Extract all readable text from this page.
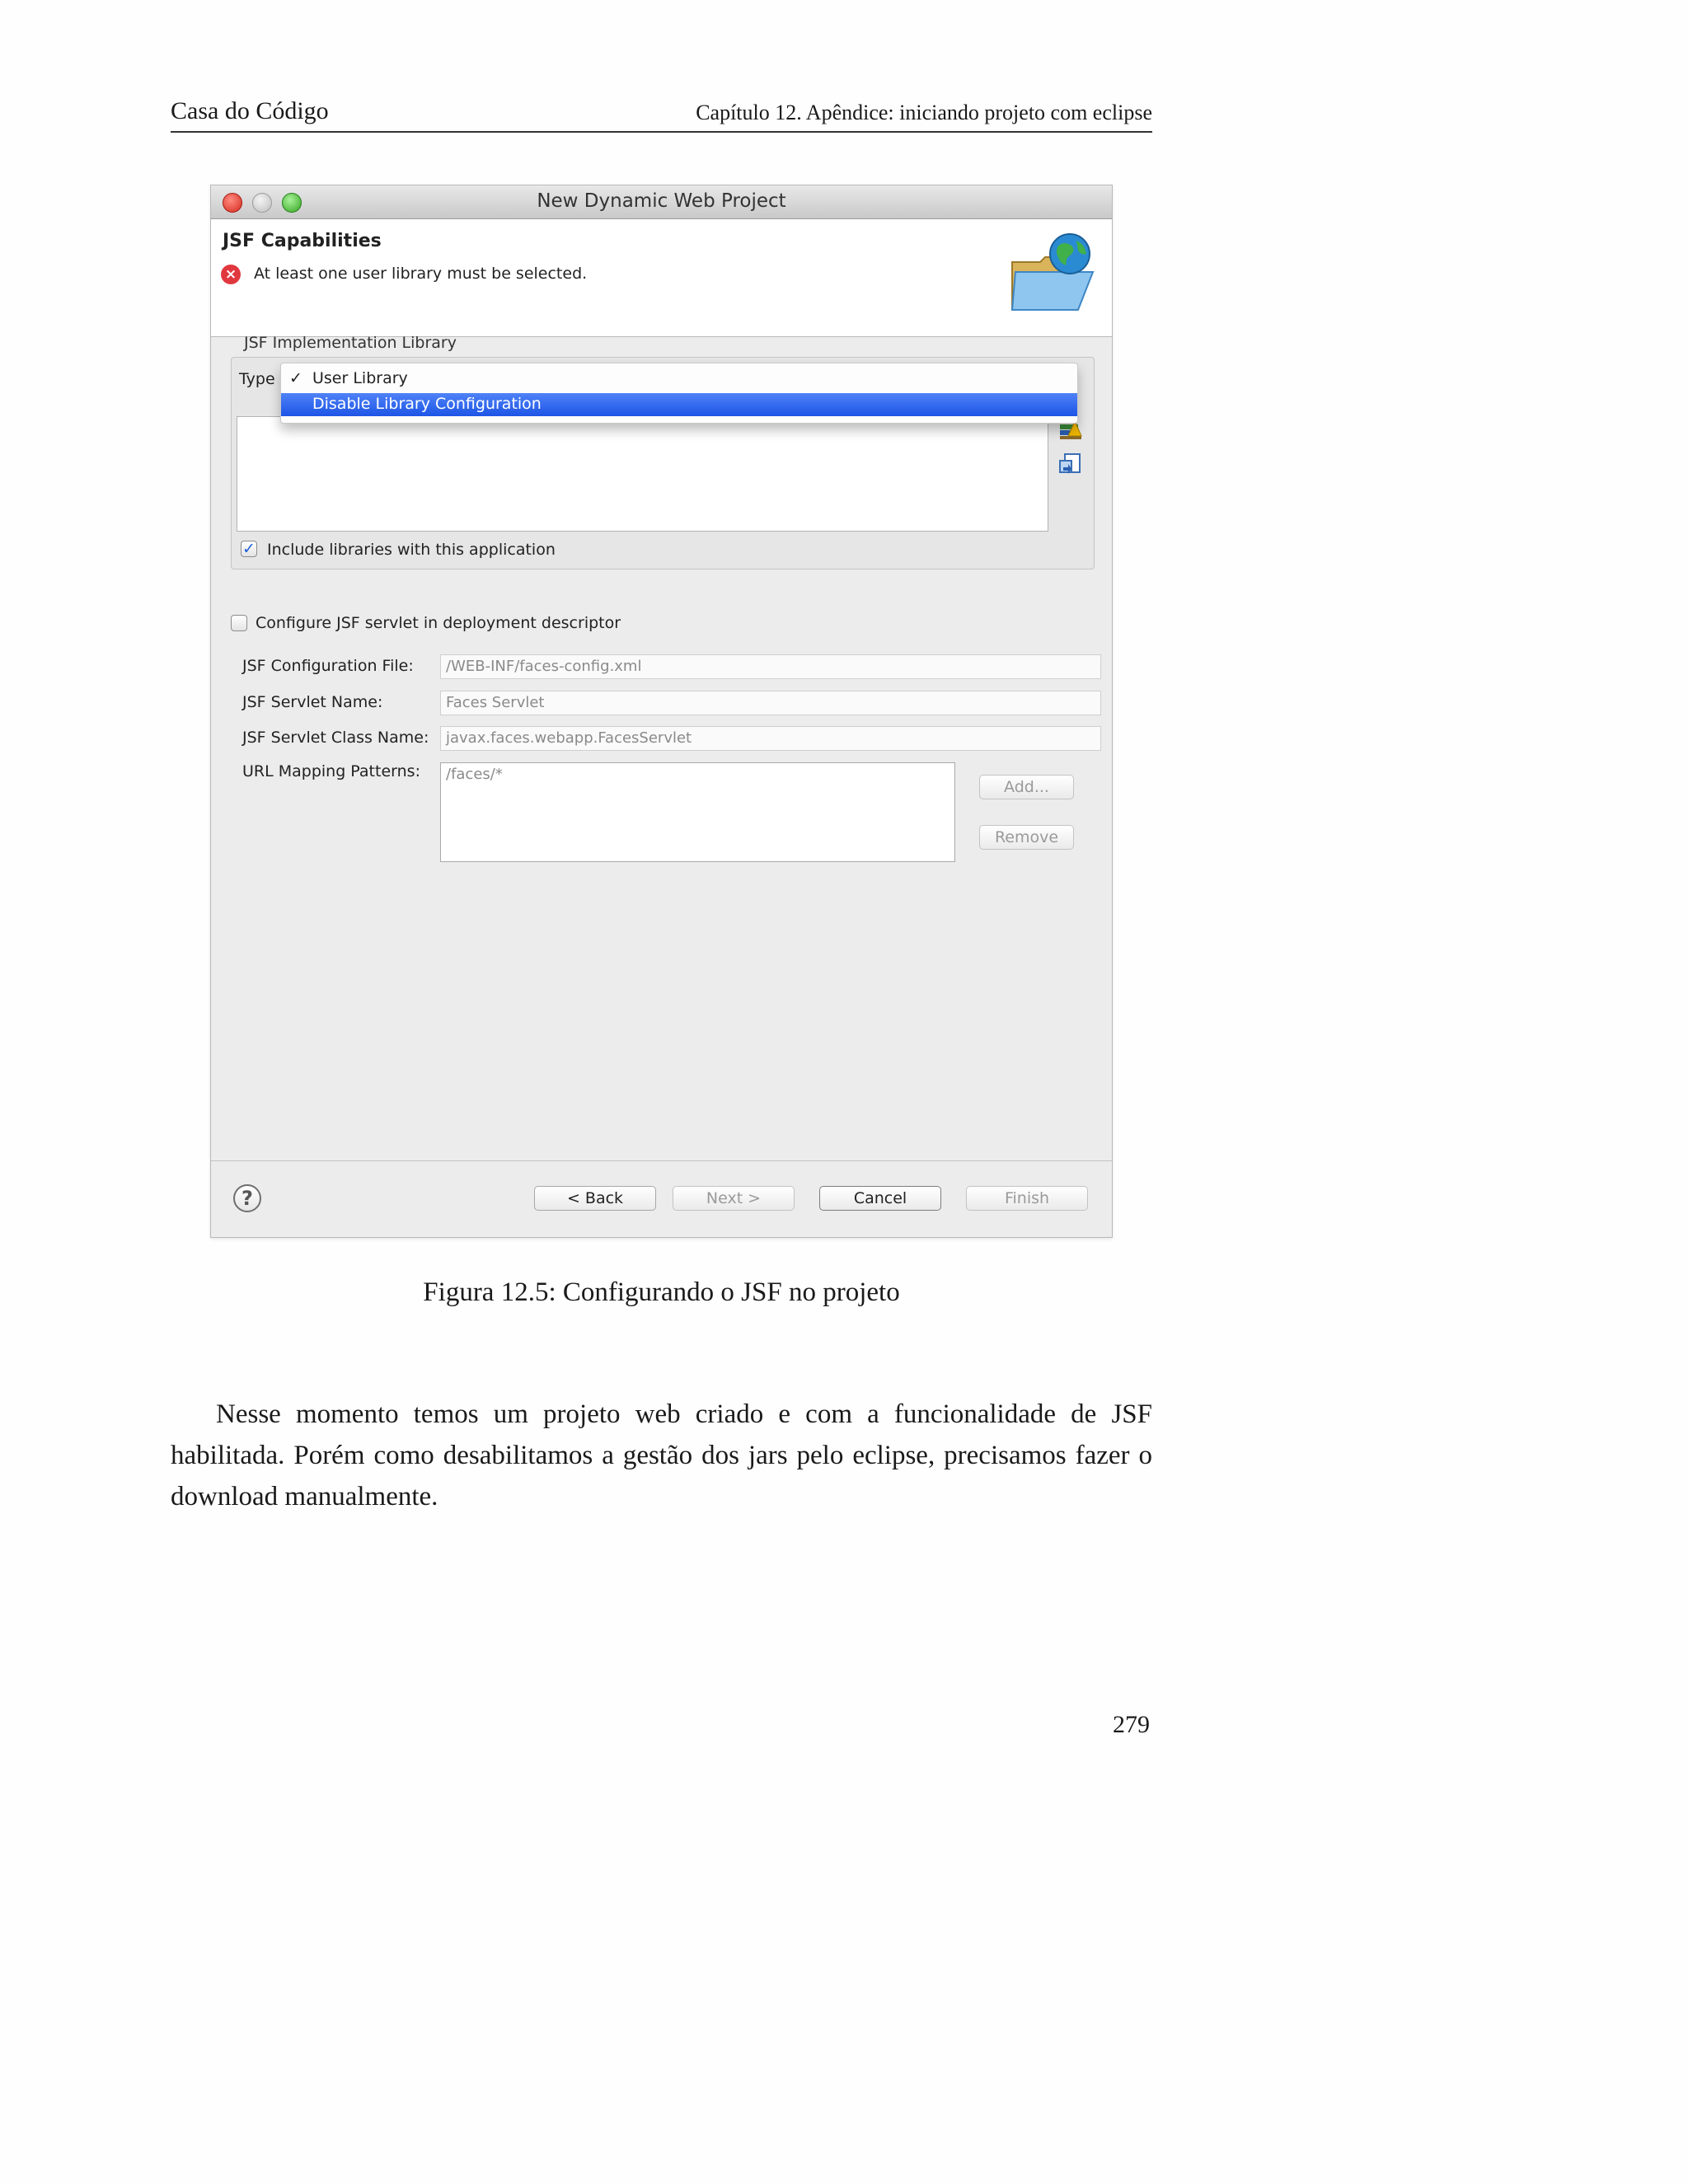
Casa do Código	Capítulo 12. Apêndice: iniciando projeto com eclipse
New Dynamic Web Project
JSF Capabilities
× At least one user library must be selected.
JSF Implementation Library
Type
✓ Include libraries with this application
✓ User Library
Disable Library Configuration
Configure JSF servlet in deployment descriptor
JSF Configuration File:	/WEB-INF/faces-config.xml
JSF Servlet Name:	Faces Servlet
JSF Servlet Class Name:	javax.faces.webapp.FacesServlet
URL Mapping Patterns:	/faces/*
Add...
Remove
?	< Back	Next >	Cancel	Finish
Figura 12.5: Configurando o JSF no projeto
Nesse momento temos um projeto web criado e com a funcionalidade de JSF habilitada. Porém como desabilitamos a gestão dos jars pelo eclipse, precisamos fazer o download manualmente.
279
